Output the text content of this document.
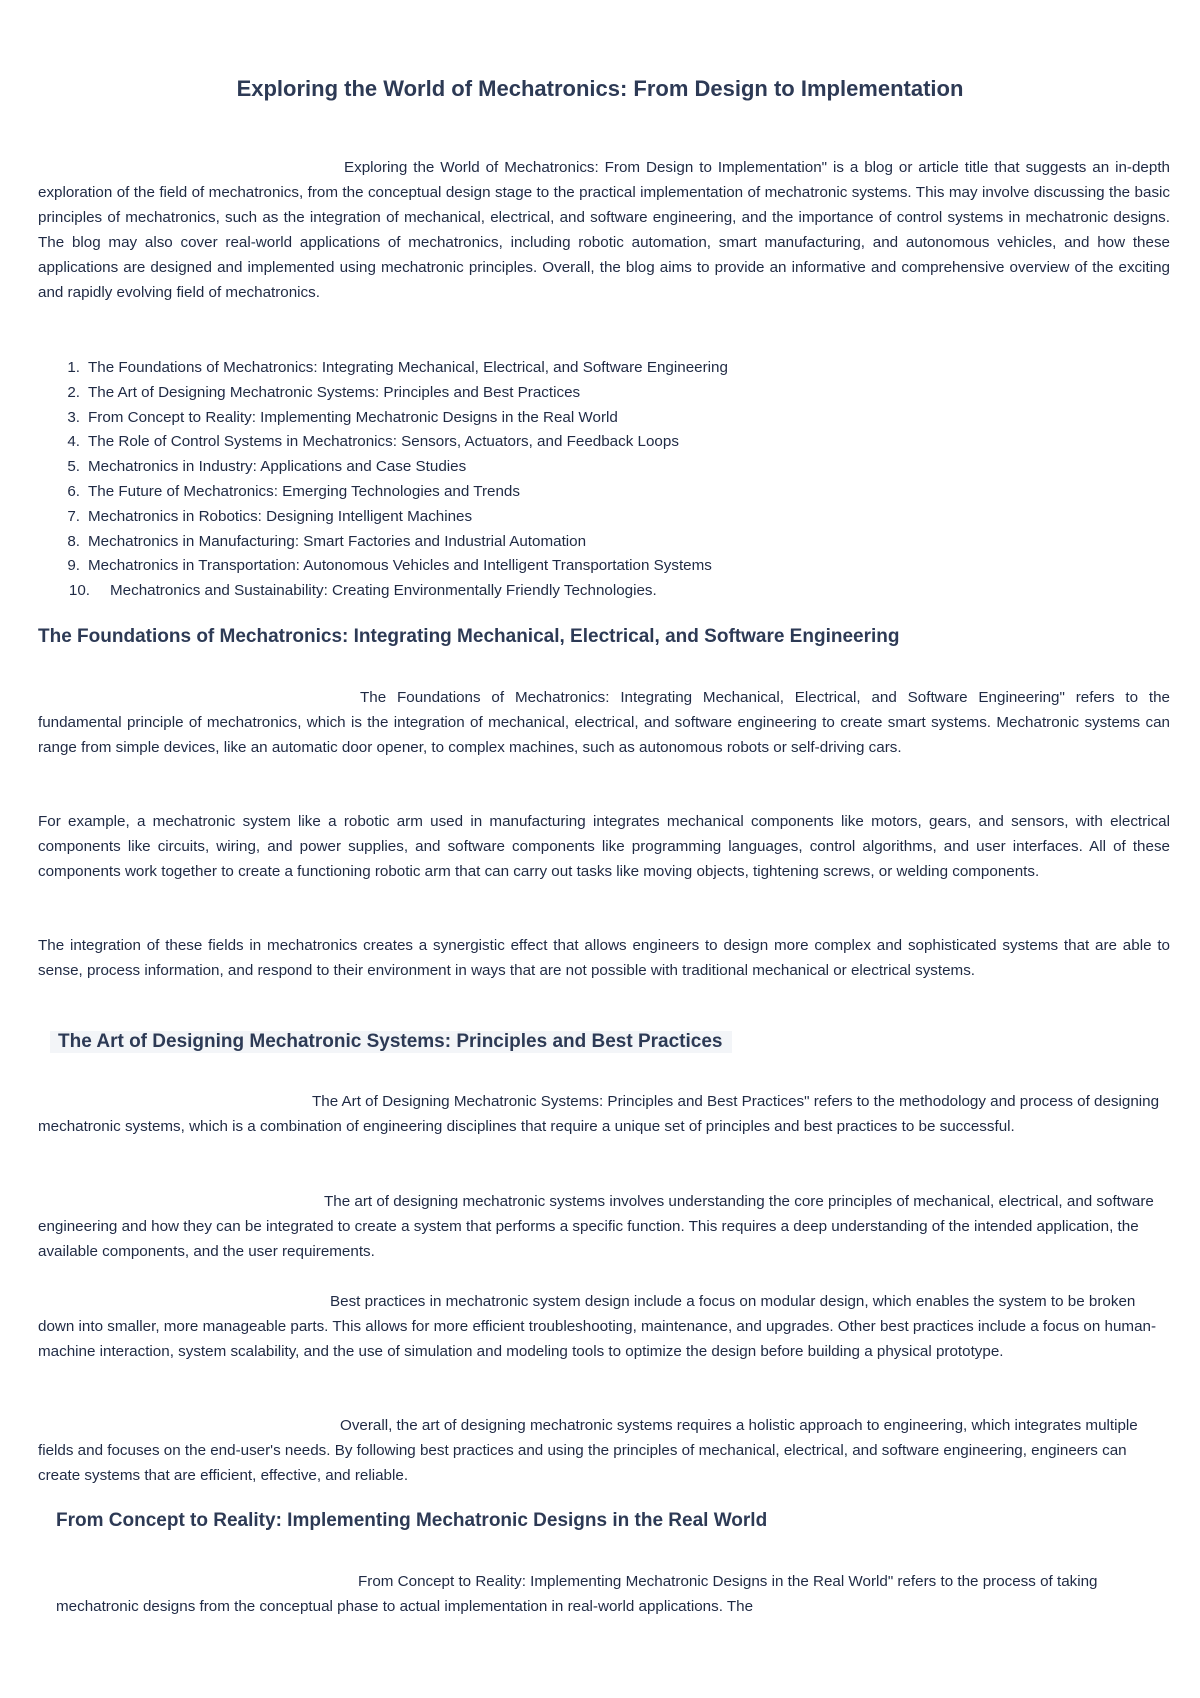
Exploring the World of Mechatronics: From Design to Implementation

Exploring the World of Mechatronics: From Design to Implementation" is a blog or article title that suggests an in-depth exploration of the field of mechatronics, from the conceptual design stage to the practical implementation of mechatronic systems. This may involve discussing the basic principles of mechatronics, such as the integration of mechanical, electrical, and software engineering, and the importance of control systems in mechatronic designs. The blog may also cover real-world applications of mechatronics, including robotic automation, smart manufacturing, and autonomous vehicles, and how these applications are designed and implemented using mechatronic principles. Overall, the blog aims to provide an informative and comprehensive overview of the exciting and rapidly evolving field of mechatronics.

1. The Foundations of Mechatronics: Integrating Mechanical, Electrical, and Software Engineering
2. The Art of Designing Mechatronic Systems: Principles and Best Practices
3. From Concept to Reality: Implementing Mechatronic Designs in the Real World
4. The Role of Control Systems in Mechatronics: Sensors, Actuators, and Feedback Loops
5. Mechatronics in Industry: Applications and Case Studies
6. The Future of Mechatronics: Emerging Technologies and Trends
7. Mechatronics in Robotics: Designing Intelligent Machines
8. Mechatronics in Manufacturing: Smart Factories and Industrial Automation
9. Mechatronics in Transportation: Autonomous Vehicles and Intelligent Transportation Systems
10. Mechatronics and Sustainability: Creating Environmentally Friendly Technologies.
The Foundations of Mechatronics: Integrating Mechanical, Electrical, and Software Engineering

The Foundations of Mechatronics: Integrating Mechanical, Electrical, and Software Engineering" refers to the fundamental principle of mechatronics, which is the integration of mechanical, electrical, and software engineering to create smart systems. Mechatronic systems can range from simple devices, like an automatic door opener, to complex machines, such as autonomous robots or self-driving cars.

For example, a mechatronic system like a robotic arm used in manufacturing integrates mechanical components like motors, gears, and sensors, with electrical components like circuits, wiring, and power supplies, and software components like programming languages, control algorithms, and user interfaces. All of these components work together to create a functioning robotic arm that can carry out tasks like moving objects, tightening screws, or welding components.

The integration of these fields in mechatronics creates a synergistic effect that allows engineers to design more complex and sophisticated systems that are able to sense, process information, and respond to their environment in ways that are not possible with traditional mechanical or electrical systems.

The Art of Designing Mechatronic Systems: Principles and Best Practices

The Art of Designing Mechatronic Systems: Principles and Best Practices" refers to the methodology and process of designing mechatronic systems, which is a combination of engineering disciplines that require a unique set of principles and best practices to be successful.

The art of designing mechatronic systems involves understanding the core principles of mechanical, electrical, and software engineering and how they can be integrated to create a system that performs a specific function. This requires a deep understanding of the intended application, the available components, and the user requirements.

Best practices in mechatronic system design include a focus on modular design, which enables the system to be broken down into smaller, more manageable parts. This allows for more efficient troubleshooting, maintenance, and upgrades. Other best practices include a focus on human-machine interaction, system scalability, and the use of simulation and modeling tools to optimize the design before building a physical prototype.

Overall, the art of designing mechatronic systems requires a holistic approach to engineering, which integrates multiple fields and focuses on the end-user's needs. By following best practices and using the principles of mechanical, electrical, and software engineering, engineers can create systems that are efficient, effective, and reliable.

From Concept to Reality: Implementing Mechatronic Designs in the Real World

From Concept to Reality: Implementing Mechatronic Designs in the Real World" refers to the process of taking mechatronic designs from the conceptual phase to actual implementation in real-world applications. The
